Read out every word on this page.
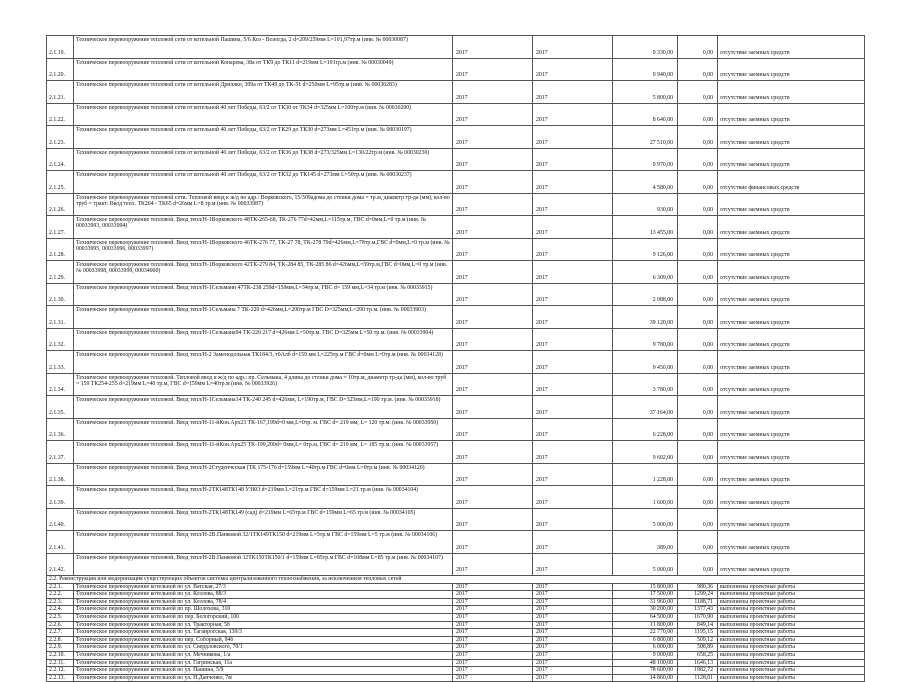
2.1.19.	Техническое перевооружение тепловой сети от котельной Пашина, 5/6 Коз - Вологда, 2 d=209/259мм L=101,97тр.м (инв. № 00030087)	2017	2017	9 330,00	0,00	отсутствие заемных средств
2.1.20.	Техническое перевооружение тепловой сети от котельной Конарева, 38а от ТК9 до ТК11 d=219мм L=191тр.м (инв. № 00030049)	2017	2017	9 940,00	0,00	отсутствие заемных средств
2.1.21.	Техническое перевооружение тепловой сети от котельной Дриллко, 309а от ТК49 до ТК-51 d=250мм L=95тр.м (инв. № 00030283)	2017	2017	5 800,00	0,00	отсутствие заемных средств
2.1.22.	Техническое перевооружение тепловой сети от котельной 40 лет Победы, 63/2 от ТК30 от ТК34 d=325мм L=109тр.м (инв. № 00030200)	2017	2017	8 640,00	0,00	отсутствие заемных средств
2.1.23.	Техническое перевооружение тепловой сети от котельной 40 лет Победы, 63/2 от ТК29 до ТК30 d=273мм L=451тр.м (инв. № 00030197)	2017	2017	27 510,00	0,00	отсутствие заемных средств
2.1.24.	Техническое перевооружение тепловой сети от котельной 40 лет Победы, 63/2 от ТК36 до ТК38 d=273/325мм L=130/22тр.м (инв. № 00030230)	2017	2017	9 970,00	0,00	отсутствие заемных средств
2.1.25.	Техническое перевооружение тепловой сети от котельной 40 лет Победы, 63/2 от ТК32 до ТК145 d=273мм L=50тр.м (инв. № 00030237)	2017	2017	4 580,00	0,00	отсутствие финансовых средств
2.1.26.	Техническое перевооружение тепловой сети. Тепловой ввод к ж/д по адр.: Ворковского, 15/309адома до стенки дома = тр.м, диаметр тр-да (мм), кол-во труб = тракт: Ввод тепл. ТК264 - ТК65 d=26мм L=8 тр.м (инв. № 00033987)	2017	2017	930,00	0,00	отсутствие заемных средств
2.1.27.	Техническое перевооружение тепловой. Ввод тепл/Н-1Ворковского 48ТК-265-68, ТК-276 77d=42мм,L=115тр.м, ГВС d=0мм,L=0 тр.м (инв. № 00033993, 00033994)	2017	2017	13 455,00	0,00	отсутствие заемных средств
2.1.28.	Техническое перевооружение тепловой. Ввод тепл/Н-1Ворковского 46ТК-276 77, ТК-27 78, ТК-278 79d=426мм,L=78тр.м,ГВС d=0мм,L=0 тр.м (инв. № 00033995, 00033996, 00033997)	2017	2017	9 126,00	0,00	отсутствие заемных средств
2.1.29.	Техническое перевооружение тепловой. Ввод тепл/Н-1Ворковского 42ТК-279 84, ТК-284 85, ТК-285 86 d=426мм,L=59тр.м,ГВС d=0мм,L=0 тр.м (инв. № 00033998, 00033999, 00034000)	2017	2017	6 309,00	0,00	отсутствие заемных средств
2.1.30.	Техническое перевооружение тепловой. Ввод тепл/Н-1Сельманн 47ТК-238 259d=159мм,L=34тр.м, ГВС d= 159 мм,L=34 тр.м (инв. № 00033915)	2017	2017	2 088,00	0,00	отсутствие заемных средств
2.1.31.	Техническое перевооружение тепловой. Ввод тепл/Н-1Сельмана 7 ТК-220 d=426мм,L=200тр.м ГВС D=325мм,L=200 тр.м. (инв. № 00033903)	2017	2017	39 120,00	0,00	отсутствие заемных средств
2.1.32.	Техническое перевооружение тепловой. Ввод тепл/Н-1Сельмана94 ТК-220 217 d=426мм L=50тр.м. ГВС D=325мм L=50 тр.м. (инв. № 00033904)	2017	2017	9 780,00	0,00	отсутствие заемных средств
2.1.33.	Техническое перевооружение тепловой. Ввод тепл/Н-2 Заменодольная ТК184/3, т0Алб d=159 мм L=225тр.м ГВС d=0мм L=0тр.м (инв. № 00034128)	2017	2017	9 450,00	0,00	отсутствие заемных средств
2.1.34.	Техническое перевооружение тепловой. Тепловой ввод к ж/д по адр.: пр. Сельмана, 4 длина до стенки дома = 10тр.м, диаметр тр-да (мм), кол-во труб = 159 ТК254-255 d=219мм L=40 тр.м, ГВС d=159мм L=40тр.м (инв. № 00033926)	2017	2017	3 780,00	0,00	отсутствие заемных средств
2.1.35.	Техническое перевооружение тепловой. Ввод тепл/Н-1Сельмана14 ТК-240 245 d=426мм, L=190тр.м, ГВС D=325мм,L=190 тр.м. (инв. № 00033918)	2017	2017	37 164,00	0,00	отсутствие заемных средств
2.1.36.	Техническое перевооружение тепловой. Ввод тепл/Н-11-йКон.Арх23 ТК-167,199d=0 мм,L=0тр. м. ГВС d= 219 мм, L= 120 тр.м. (инв. № 00033950)	2017	2017	6 228,00	0,00	отсутствие заемных средств
2.1.37.	Техническое перевооружение тепловой. Ввод тепл/Н-11-йКон.Арх25 ТК-199,200d= 0мм,L= 0тр.м, ГВС d= 219 мм, L= 185 тр.м. (инв. № 00033957)	2017	2017	9 602,00	0,00	отсутствие заемных средств
2.1.38.	Техническое перевооружение тепловой. Ввод тепл/Н-2Студенческая (ТК 175-176 d=159мм L=40тр.м ГВС d=0мм L=0тр.м (инв. № 00034120)	2017	2017	1 228,00	0,00	отсутствие заемных средств
2.1.39.	Техническое перевооружение тепловой. Ввод тепл/Н-2ТК148ТК148 УЗКО d=219мм L=21тр.м ГВС d=159мм L=21 тр.м (инв. № 00034104)	2017	2017	1 600,00	0,00	отсутствие заемных средств
2.1.40.	Техническое перевооружение тепловой. Ввод тепл/Н-2ТК148ТК149 (сад) d=219мм L=65тр.м ГВС d=159мм L=65 тр.м (инв. № 00034105)	2017	2017	5 000,00	0,00	отсутствие заемных средств
2.1.41.	Техническое перевооружение тепловой. Ввод тепл/Н-2В.Панковой 32/1ТК149ТК150 d=219мм L=5тр.м ГВС d=159мм L=5 тр.м (инв. № 00034106)	2017	2017	389,00	0,00	отсутствие заемных средств
2.1.42.	Техническое перевооружение тепловой. Ввод тепл/Н-2В.Панковой 32ТК150ТК150/1 d=159мм L=85тр.м ГВС d=108мм L=85 тр.м (инв. № 00034107)	2017	2017	5 000,00	0,00	отсутствие заемных средств
2.2. Реконструкция или модернизация существующих объектов системы централизованного теплоснабжения, за исключением тепловых сетей						
2.2.1.	Техническое перевооружение котельной по ул. Ватская, 27/3	2017	2017	15 800,00	980,36	выполнены проектные работы
2.2.2.	Техническое перевооружение котельной по ул. Козлова, 88/3	2017	2017	17 500,00	1299,24	выполнены проектные работы
2.2.3.	Техническое перевооружение котельной по ул. Козлова, 78/4	2017	2017	31 960,00	1188,71	выполнены проектные работы
2.2.4.	Техническое перевооружение котельной по пр. Шолохова, 310	2017	2017	30 200,00	1377,43	выполнены проектные работы
2.2.5.	Техническое перевооружение котельной по пер. Белогорский, 100	2017	2017	64 500,00	1670,90	выполнены проектные работы
2.2.6.	Техническое перевооружение котельной по ул. Тракторная, 5б	2017	2017	11 800,00	849,14	выполнены проектные работы
2.2.7.	Техническое перевооружение котельной по ул. Таганрогская, 139/3	2017	2017	22 770,00	1195,15	выполнены проектные работы
2.2.8.	Техническое перевооружение котельной по пер. Соборный, 94б	2017	2017	6 800,00	509,12	выполнены проектные работы
2.2.9.	Техническое перевооружение котельной по ул. Свердловского, 70/1	2017	2017	6 000,00	508,89	выполнены проектные работы
2.2.10.	Техническое перевооружение котельной по ул. Мечникова, 1/а	2017	2017	9 000,00	658,25	выполнены проектные работы
2.2.11.	Техническое перевооружение котельной по ул. Гагринская, 11а	2017	2017	48 100,00	1646,13	выполнены проектные работы
2.2.12.	Техническое перевооружение котельной по ул. Пашина, 5/9	2017	2017	78 600,00	1982,72	выполнены проектные работы
2.2.13.	Техническое перевооружение котельной по ул. Н.Данченко, 7м	2017	2017	14 860,00	1128,01	выполнены проектные работы
